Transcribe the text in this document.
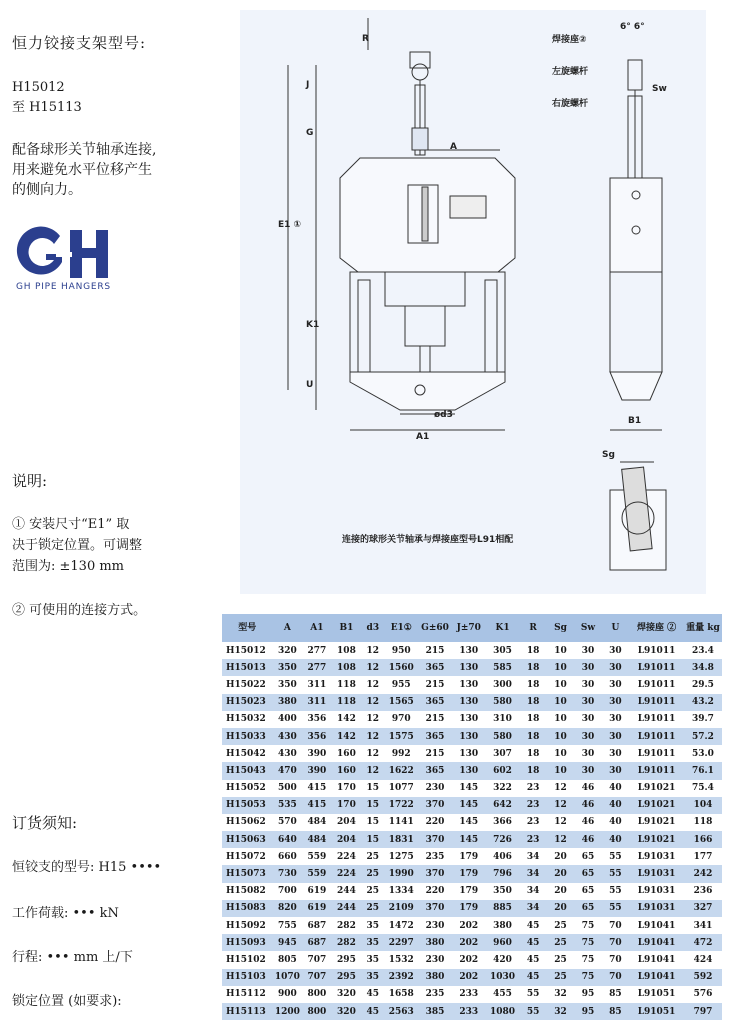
恒力铰接支架型号:
H15012
至 H15113
配备球形关节轴承连接,
用来避免水平位移产生
的侧向力。
GH PIPE HANGERS
说明:
① 安装尺寸“E1” 取
决于锁定位置。可调整
范围为: ±130 mm
② 可使用的连接方式。
订货须知:
恒铰支的型号: H15 ••••
工作荷载: ••• kN
行程: ••• mm 上/下
锁定位置 (如要求):
焊接座②
6° 6°
左旋螺杆
右旋螺杆
Sw
R
J
G
E1 ①
K1
U
A
A1
B1
ød3
Sg
连接的球形关节轴承与焊接座型号L91相配
型号	A	A1	B1	d3	E1①	G±60	J±70	K1	R	Sg	Sw	U	焊接座 ②	重量 kg
H15012	320	277	108	12	950	215	130	305	18	10	30	30	L91011	23.4
H15013	350	277	108	12	1560	365	130	585	18	10	30	30	L91011	34.8
H15022	350	311	118	12	955	215	130	300	18	10	30	30	L91011	29.5
H15023	380	311	118	12	1565	365	130	580	18	10	30	30	L91011	43.2
H15032	400	356	142	12	970	215	130	310	18	10	30	30	L91011	39.7
H15033	430	356	142	12	1575	365	130	580	18	10	30	30	L91011	57.2
H15042	430	390	160	12	992	215	130	307	18	10	30	30	L91011	53.0
H15043	470	390	160	12	1622	365	130	602	18	10	30	30	L91011	76.1
H15052	500	415	170	15	1077	230	145	322	23	12	46	40	L91021	75.4
H15053	535	415	170	15	1722	370	145	642	23	12	46	40	L91021	104
H15062	570	484	204	15	1141	220	145	366	23	12	46	40	L91021	118
H15063	640	484	204	15	1831	370	145	726	23	12	46	40	L91021	166
H15072	660	559	224	25	1275	235	179	406	34	20	65	55	L91031	177
H15073	730	559	224	25	1990	370	179	796	34	20	65	55	L91031	242
H15082	700	619	244	25	1334	220	179	350	34	20	65	55	L91031	236
H15083	820	619	244	25	2109	370	179	885	34	20	65	55	L91031	327
H15092	755	687	282	35	1472	230	202	380	45	25	75	70	L91041	341
H15093	945	687	282	35	2297	380	202	960	45	25	75	70	L91041	472
H15102	805	707	295	35	1532	230	202	420	45	25	75	70	L91041	424
H15103	1070	707	295	35	2392	380	202	1030	45	25	75	70	L91041	592
H15112	900	800	320	45	1658	235	233	455	55	32	95	85	L91051	576
H15113	1200	800	320	45	2563	385	233	1080	55	32	95	85	L91051	797
